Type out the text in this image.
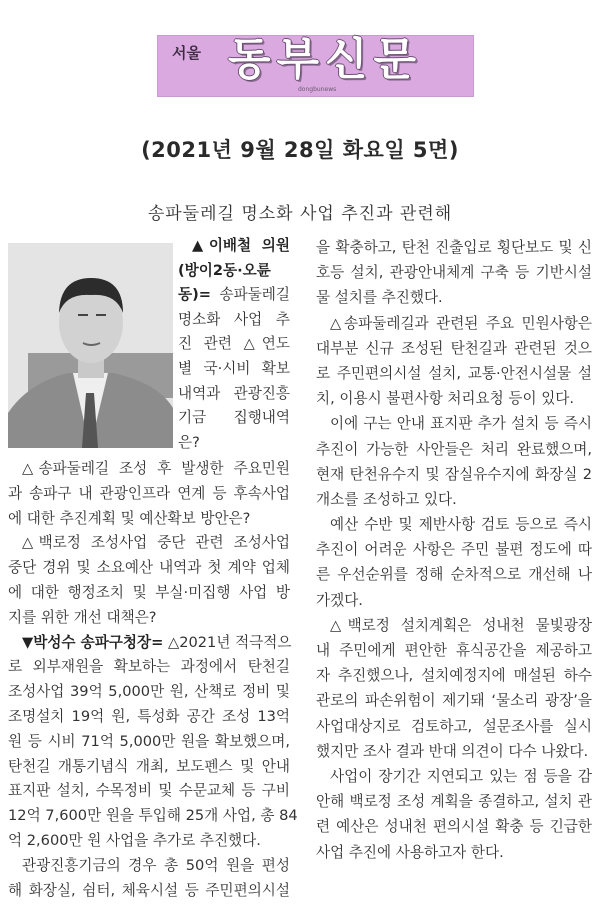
서울 동부신문
dongbunews
(2021년 9월 28일 화요일 5면)
송파둘레길 명소화 사업 추진과 관련해
▲이배철 의원
(방이2동·오륜
동)= 송파둘레길
명소화 사업 추
진 관련 △연도
별 국·시비 확보
내역과 관광진흥
기금 집행내역
은?
△송파둘레길 조성 후 발생한 주요민원
과 송파구 내 관광인프라 연계 등 후속사업
에 대한 추진계획 및 예산확보 방안은?
△백로정 조성사업 중단 관련 조성사업
중단 경위 및 소요예산 내역과 첫 계약 업체
에 대한 행정조치 및 부실·미집행 사업 방
지를 위한 개선 대책은?
▼박성수 송파구청장= △2021년 적극적으
로 외부재원을 확보하는 과정에서 탄천길
조성사업 39억 5,000만 원, 산책로 정비 및
조명설치 19억 원, 특성화 공간 조성 13억
원 등 시비 71억 5,000만 원을 확보했으며,
탄천길 개통기념식 개최, 보도펜스 및 안내
표지판 설치, 수목정비 및 수문교체 등 구비
12억 7,600만 원을 투입해 25개 사업, 총 84
억 2,600만 원 사업을 추가로 추진했다.
관광진흥기금의 경우 총 50억 원을 편성
해 화장실, 쉼터, 체육시설 등 주민편의시설
을 확충하고, 탄천 진출입로 횡단보도 및 신
호등 설치, 관광안내체계 구축 등 기반시설
물 설치를 추진했다.
△송파둘레길과 관련된 주요 민원사항은
대부분 신규 조성된 탄천길과 관련된 것으
로 주민편의시설 설치, 교통·안전시설물 설
치, 이용시 불편사항 처리요청 등이 있다.
이에 구는 안내 표지판 추가 설치 등 즉시
추진이 가능한 사안들은 처리 완료했으며,
현재 탄천유수지 및 잠실유수지에 화장실 2
개소를 조성하고 있다.
예산 수반 및 제반사항 검토 등으로 즉시
추진이 어려운 사항은 주민 불편 정도에 따
른 우선순위를 정해 순차적으로 개선해 나
가겠다.
△백로정 설치계획은 성내천 물빛광장
내 주민에게 편안한 휴식공간을 제공하고
자 추진했으나, 설치예정지에 매설된 하수
관로의 파손위험이 제기돼 ‘물소리 광장’을
사업대상지로 검토하고, 설문조사를 실시
했지만 조사 결과 반대 의견이 다수 나왔다.
사업이 장기간 지연되고 있는 점 등을 감
안해 백로정 조성 계획을 종결하고, 설치 관
련 예산은 성내천 편의시설 확충 등 긴급한
사업 추진에 사용하고자 한다.
